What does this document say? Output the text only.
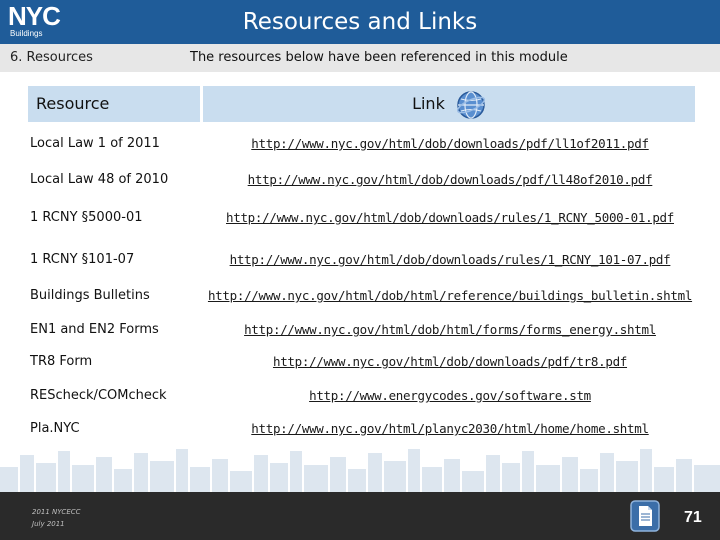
NYC
Buildings	Resources and Links
6. Resources	The resources below have been referenced in this module
Resource	Link
Local Law 1 of 2011	http://www.nyc.gov/html/dob/downloads/pdf/ll1of2011.pdf
Local Law 48 of 2010	http://www.nyc.gov/html/dob/downloads/pdf/ll48of2010.pdf
1 RCNY §5000-01	http://www.nyc.gov/html/dob/downloads/rules/1_RCNY_5000-01.pdf
1 RCNY §101-07	http://www.nyc.gov/html/dob/downloads/rules/1_RCNY_101-07.pdf
Buildings Bulletins	http://www.nyc.gov/html/dob/html/reference/buildings_bulletin.shtml
EN1 and EN2 Forms	http://www.nyc.gov/html/dob/html/forms/forms_energy.shtml
TR8 Form	http://www.nyc.gov/html/dob/downloads/pdf/tr8.pdf
REScheck/COMcheck	http://www.energycodes.gov/software.stm
Pla.NYC	http://www.nyc.gov/html/planyc2030/html/home/home.shtml
2011 NYCECC
July 2011	71
